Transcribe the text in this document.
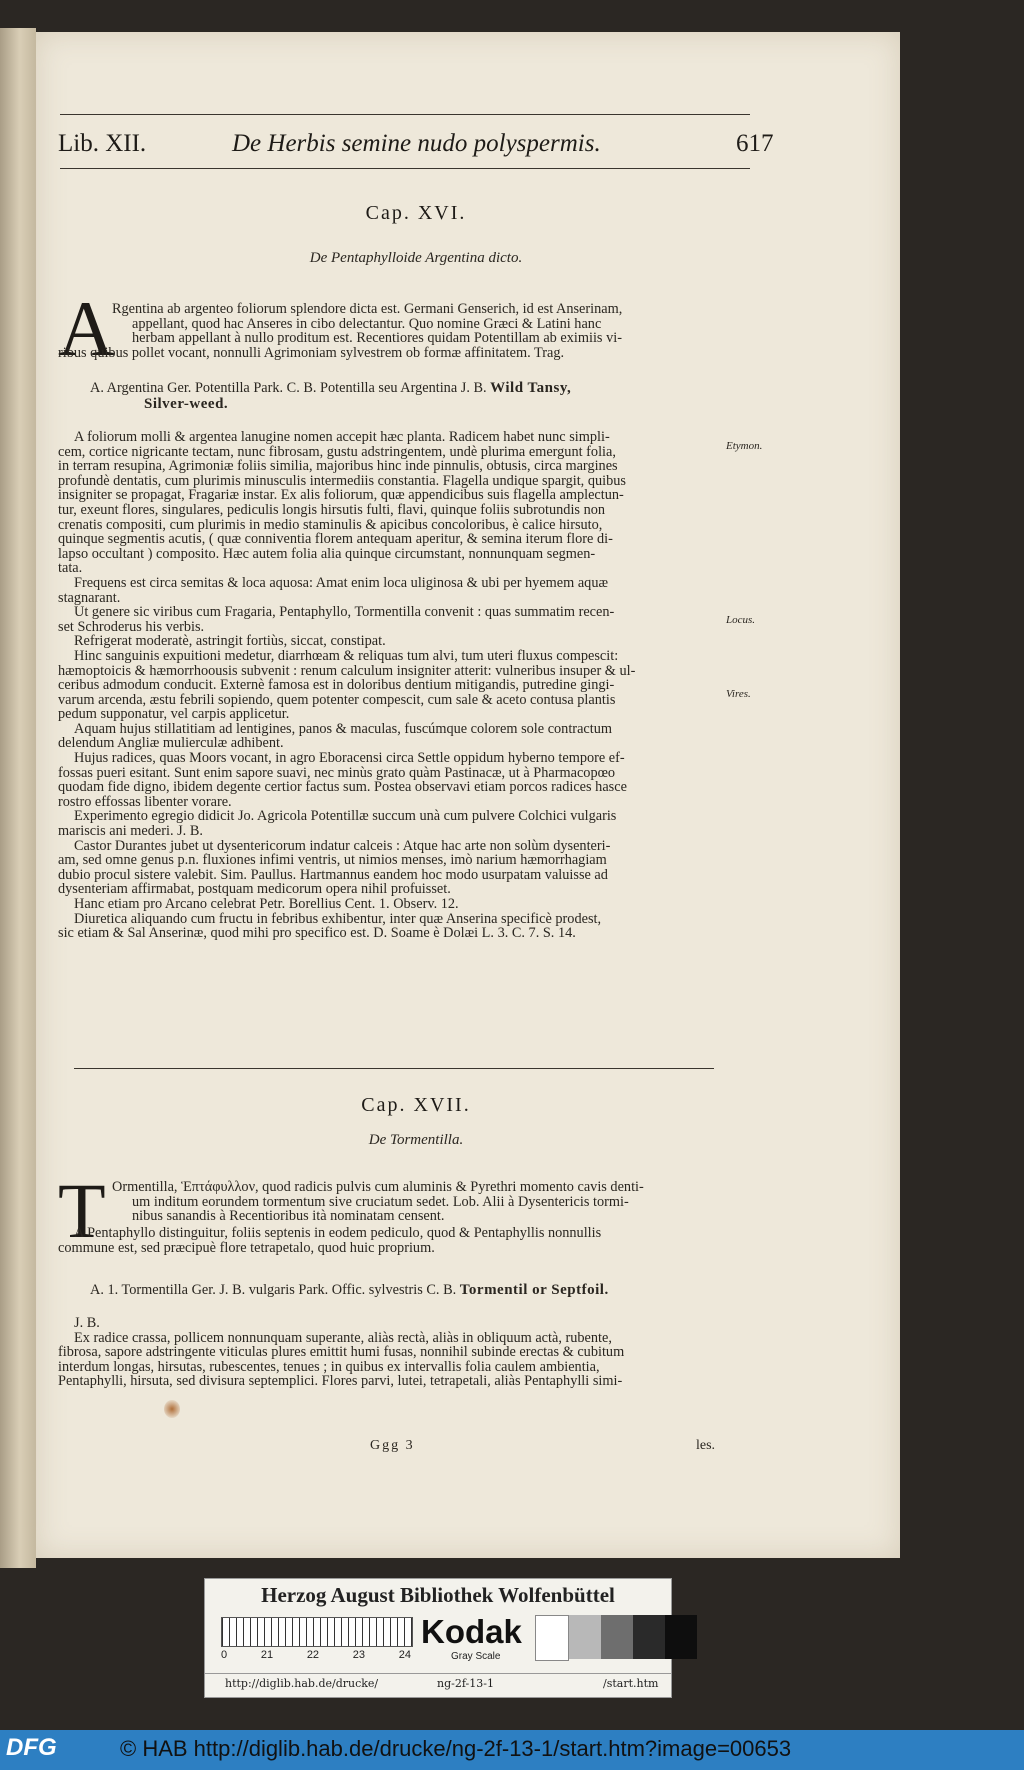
Lib. XII.	De Herbis semine nudo polyspermis.	617
Cap. XVI.
De Pentaphylloide Argentina dicto.
A
Rgentina ab argenteo foliorum splendore dicta est. Germani Genserich, id est Anserinam,
appellant, quod hac Anseres in cibo delectantur. Quo nomine Græci & Latini hanc
herbam appellant à nullo proditum est. Recentiores quidam Potentillam ab eximiis vi-
ribus quibus pollet vocant, nonnulli Agrimoniam sylvestrem ob formæ affinitatem. Trag.
A. Argentina Ger. Potentilla Park. C. B. Potentilla seu Argentina J. B. Wild Tansy,
Silver-weed.
A foliorum molli & argentea lanugine nomen accepit hæc planta. Radicem habet nunc simpli-
cem, cortice nigricante tectam, nunc fibrosam, gustu adstringentem, undè plurima emergunt folia,
in terram resupina, Agrimoniæ foliis similia, majoribus hinc inde pinnulis, obtusis, circa margines
profundè dentatis, cum plurimis minusculis intermediis constantia. Flagella undique spargit, quibus
insigniter se propagat, Fragariæ instar. Ex alis foliorum, quæ appendicibus suis flagella amplectun-
tur, exeunt flores, singulares, pediculis longis hirsutis fulti, flavi, quinque foliis subrotundis non
crenatis compositi, cum plurimis in medio staminulis & apicibus concoloribus, è calice hirsuto,
quinque segmentis acutis, ( quæ conniventia florem antequam aperitur, & semina iterum flore di-
lapso occultant ) composito. Hæc autem folia alia quinque circumstant, nonnunquam segmen-
tata.
Frequens est circa semitas & loca aquosa: Amat enim loca uliginosa & ubi per hyemem aquæ
stagnarant.
Ut genere sic viribus cum Fragaria, Pentaphyllo, Tormentilla convenit : quas summatim recen-
set Schroderus his verbis.
Refrigerat moderatè, astringit fortiùs, siccat, constipat.
Hinc sanguinis expuitioni medetur, diarrhœam & reliquas tum alvi, tum uteri fluxus compescit:
hæmoptoicis & hæmorrhoousis subvenit : renum calculum insigniter atterit: vulneribus insuper & ul-
ceribus admodum conducit. Externè famosa est in doloribus dentium mitigandis, putredine gingi-
varum arcenda, æstu febrili sopiendo, quem potenter compescit, cum sale & aceto contusa plantis
pedum supponatur, vel carpis applicetur.
Aquam hujus stillatitiam ad lentigines, panos & maculas, fuscúmque colorem sole contractum
delendum Angliæ mulierculæ adhibent.
Hujus radices, quas Moors vocant, in agro Eboracensi circa Settle oppidum hyberno tempore ef-
fossas pueri esitant. Sunt enim sapore suavi, nec minùs grato quàm Pastinacæ, ut à Pharmacopœo
quodam fide digno, ibidem degente certior factus sum. Postea observavi etiam porcos radices hasce
rostro effossas libenter vorare.
Experimento egregio didicit Jo. Agricola Potentillæ succum unà cum pulvere Colchici vulgaris
mariscis ani mederi. J. B.
Castor Durantes jubet ut dysentericorum indatur calceis : Atque hac arte non solùm dysenteri-
am, sed omne genus p.n. fluxiones infimi ventris, ut nimios menses, imò narium hæmorrhagiam
dubio procul sistere valebit. Sim. Paullus. Hartmannus eandem hoc modo usurpatam valuisse ad
dysenteriam affirmabat, postquam medicorum opera nihil profuisset.
Hanc etiam pro Arcano celebrat Petr. Borellius Cent. 1. Observ. 12.
Diuretica aliquando cum fructu in febribus exhibentur, inter quæ Anserina specificè prodest,
sic etiam & Sal Anserinæ, quod mihi pro specifico est. D. Soame è Dolæi L. 3. C. 7. S. 14.
Etymon.
Locus.
Vires.
Cap. XVII.
De Tormentilla.
T Ormentilla, Ἑπτάφυλλον, quod radicis pulvis cum aluminis & Pyrethri momento cavis denti-
um inditum eorundem tormentum sive cruciatum sedet. Lob. Alii à Dysentericis tormi-
nibus sanandis à Recentioribus ità nominatam censent.
A Pentaphyllo distinguitur, foliis septenis in eodem pediculo, quod & Pentaphyllis nonnullis
commune est, sed præcipuè flore tetrapetalo, quod huic proprium.
A. 1. Tormentilla Ger. J. B. vulgaris Park. Offic. sylvestris C. B. Tormentil or Septfoil.
J. B.
Ex radice crassa, pollicem nonnunquam superante, aliàs rectà, aliàs in obliquum actà, rubente,
fibrosa, sapore adstringente viticulas plures emittit humi fusas, nonnihil subinde erectas & cubitum
interdum longas, hirsutas, rubescentes, tenues ; in quibus ex intervallis folia caulem ambientia,
Pentaphylli, hirsuta, sed divisura septemplici. Flores parvi, lutei, tetrapetali, aliàs Pentaphylli simi-
Ggg 3	les.
Herzog August Bibliothek Wolfenbüttel
0	21	22	23	24
Kodak
Gray Scale
http://diglib.hab.de/drucke/	ng-2f-13-1	/start.htm
DFG	© HAB http://diglib.hab.de/drucke/ng-2f-13-1/start.htm?image=00653
